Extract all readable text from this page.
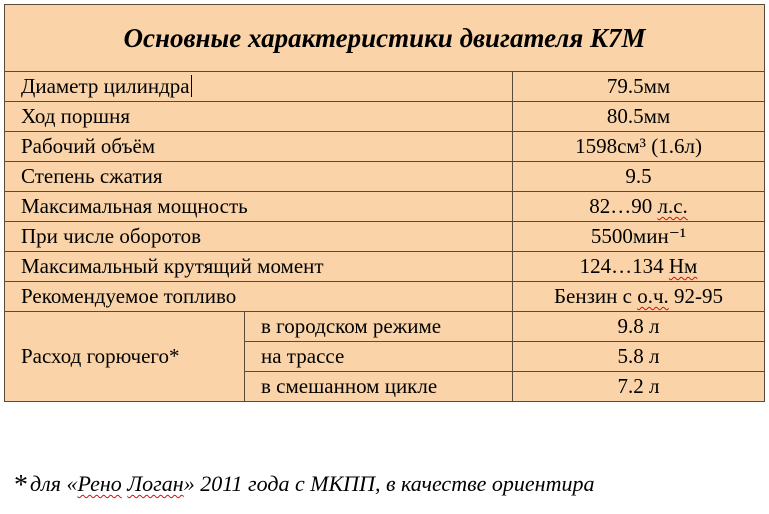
Основные характеристики двигателя K7M		
Диаметр цилиндра		79.5мм
Ход поршня		80.5мм
Рабочий объём		1598см³ (1.6л)
Степень сжатия		9.5
Максимальная мощность		82…90 л.с.
При числе оборотов		5500мин⁻¹
Максимальный крутящий момент		124…134 Нм
Рекомендуемое топливо		Бензин с о.ч. 92-95
Расход горючего*	в городском режиме	9.8 л
	на трассе	5.8 л
	в смешанном цикле	7.2 л
*для «Рено Логан» 2011 года с МКПП, в качестве ориентира
